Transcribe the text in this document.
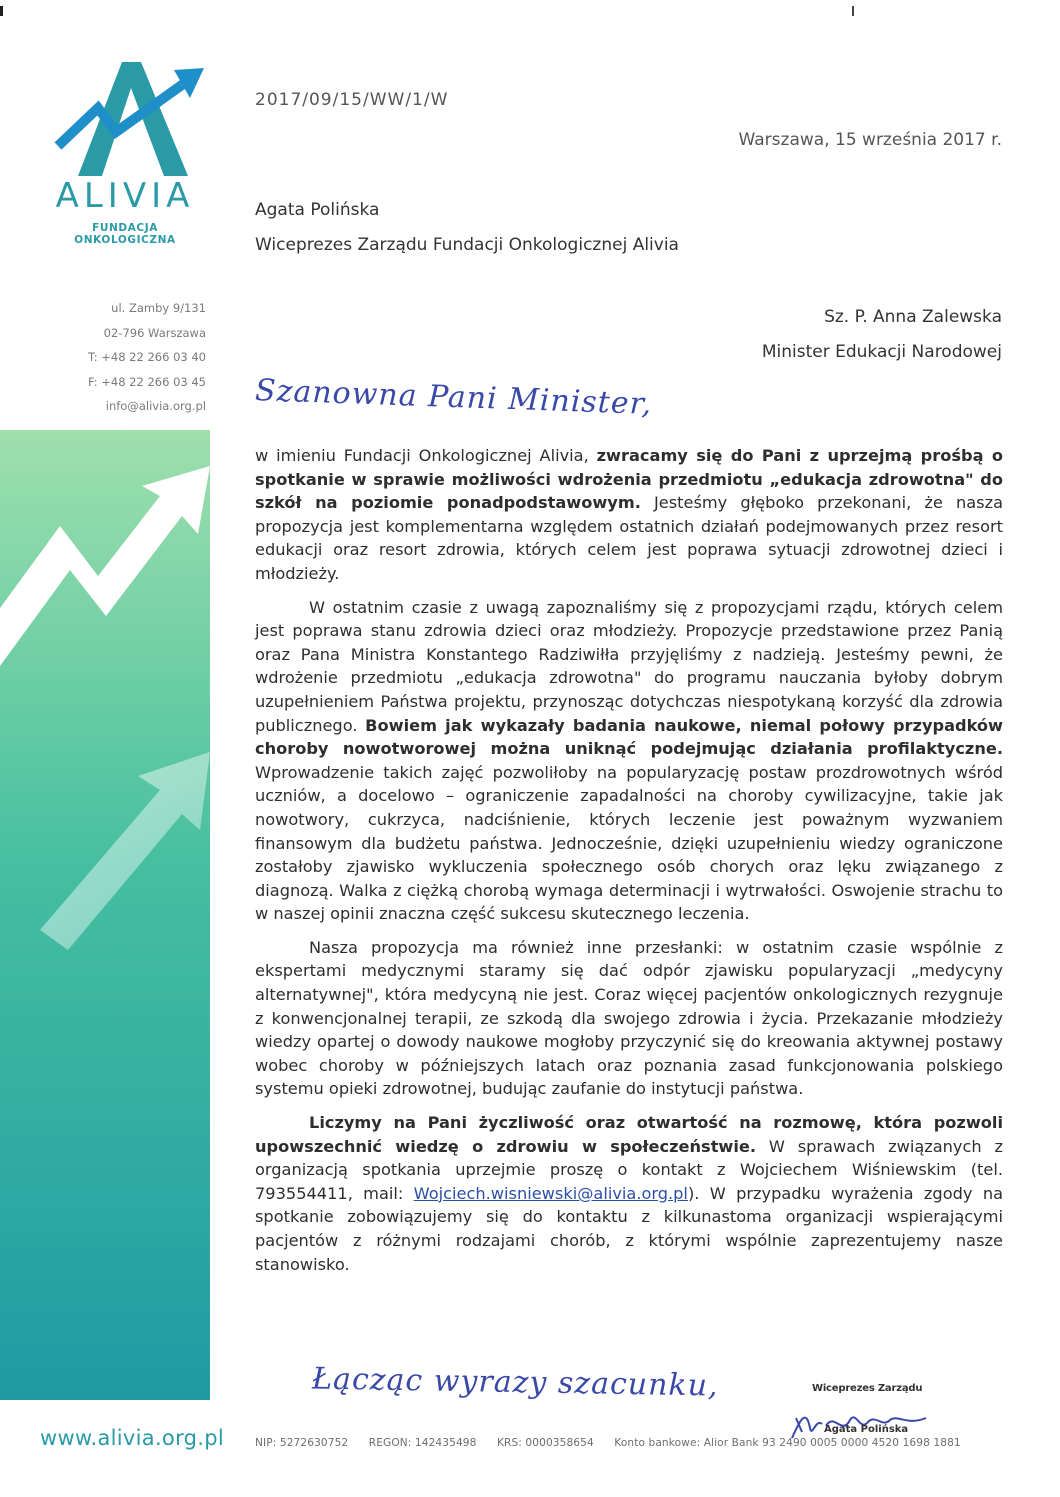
ALIVIA
FUNDACJA ONKOLOGICZNA
ul. Zamby 9/131
02-796 Warszawa
T: +48 22 266 03 40
F: +48 22 266 03 45
info@alivia.org.pl
www.alivia.org.pl
2017/09/15/WW/1/W
Warszawa, 15 września 2017 r.
Agata Polińska
Wiceprezes Zarządu Fundacji Onkologicznej Alivia
Sz. P. Anna Zalewska
Minister Edukacji Narodowej
Szanowna Pani Minister,

w imieniu Fundacji Onkologicznej Alivia, zwracamy się do Pani z uprzejmą prośbą o spotkanie w sprawie możliwości wdrożenia przedmiotu „edukacja zdrowotna" do szkół na poziomie ponadpodstawowym. Jesteśmy głęboko przekonani, że nasza propozycja jest komplementarna względem ostatnich działań podejmowanych przez resort edukacji oraz resort zdrowia, których celem jest poprawa sytuacji zdrowotnej dzieci i młodzieży.

W ostatnim czasie z uwagą zapoznaliśmy się z propozycjami rządu, których celem jest poprawa stanu zdrowia dzieci oraz młodzieży. Propozycje przedstawione przez Panią oraz Pana Ministra Konstantego Radziwiłła przyjęliśmy z nadzieją. Jesteśmy pewni, że wdrożenie przedmiotu „edukacja zdrowotna" do programu nauczania byłoby dobrym uzupełnieniem Państwa projektu, przynosząc dotychczas niespotykaną korzyść dla zdrowia publicznego. Bowiem jak wykazały badania naukowe, niemal połowy przypadków choroby nowotworowej można uniknąć podejmując działania profilaktyczne. Wprowadzenie takich zajęć pozwoliłoby na popularyzację postaw prozdrowotnych wśród uczniów, a docelowo – ograniczenie zapadalności na choroby cywilizacyjne, takie jak nowotwory, cukrzyca, nadciśnienie, których leczenie jest poważnym wyzwaniem finansowym dla budżetu państwa. Jednocześnie, dzięki uzupełnieniu wiedzy ograniczone zostałoby zjawisko wykluczenia społecznego osób chorych oraz lęku związanego z diagnozą. Walka z ciężką chorobą wymaga determinacji i wytrwałości. Oswojenie strachu to w naszej opinii znaczna część sukcesu skutecznego leczenia.

Nasza propozycja ma również inne przesłanki: w ostatnim czasie wspólnie z ekspertami medycznymi staramy się dać odpór zjawisku popularyzacji „medycyny alternatywnej", która medycyną nie jest. Coraz więcej pacjentów onkologicznych rezygnuje z konwencjonalnej terapii, ze szkodą dla swojego zdrowia i życia. Przekazanie młodzieży wiedzy opartej o dowody naukowe mogłoby przyczynić się do kreowania aktywnej postawy wobec choroby w późniejszych latach oraz poznania zasad funkcjonowania polskiego systemu opieki zdrowotnej, budując zaufanie do instytucji państwa.

Liczymy na Pani życzliwość oraz otwartość na rozmowę, która pozwoli upowszechnić wiedzę o zdrowiu w społeczeństwie. W sprawach związanych z organizacją spotkania uprzejmie proszę o kontakt z Wojciechem Wiśniewskim (tel. 793554411, mail: Wojciech.wisniewski@alivia.org.pl). W przypadku wyrażenia zgody na spotkanie zobowiązujemy się do kontaktu z kilkunastoma organizacji wspierającymi pacjentów z różnymi rodzajami chorób, z którymi wspólnie zaprezentujemy nasze stanowisko.

Łącząc wyrazy szacunku,	Wiceprezes Zarządu
Agata Polińska
NIP: 5272630752 REGON: 142435498 KRS: 0000358654 Konto bankowe: Alior Bank 93 2490 0005 0000 4520 1698 1881
